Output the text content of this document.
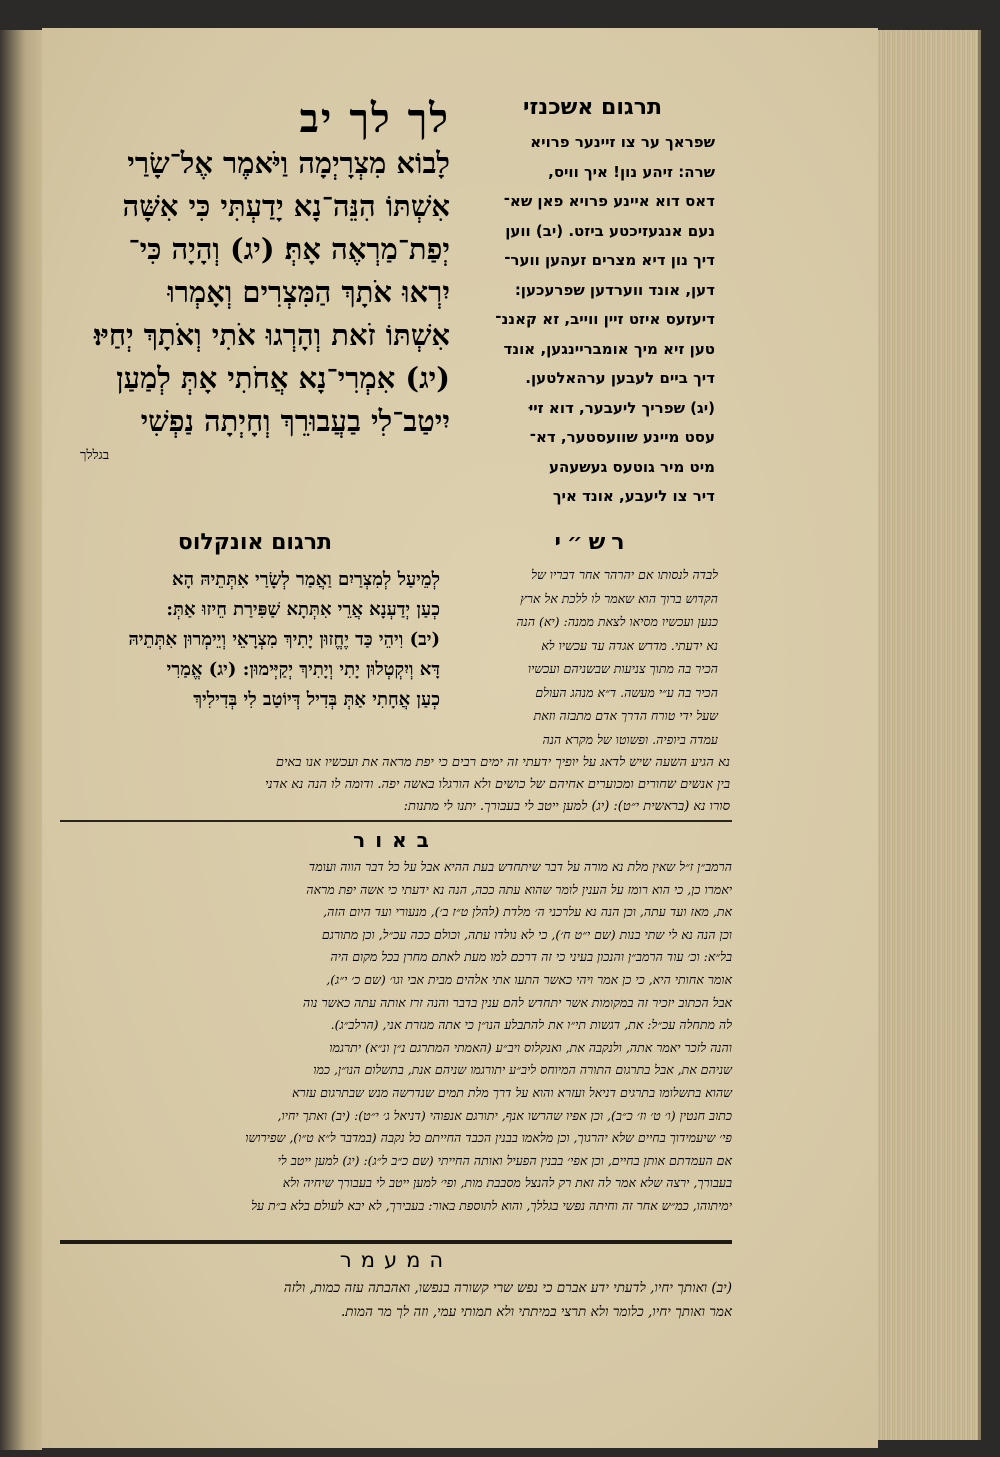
לך לך יב
לָבוֹא מִצְרָיְמָה וַיֹּאמֶר אֶל־שָׂרַי
אִשְׁתּוֹ הִנֵּה־נָא יָדַעְתִּי כִּי אִשָּׁה
יְפַת־מַרְאֶה אָתְּ׃ (יג) וְהָיָה כִּי־
יִרְאוּ אֹתָךְ הַמִּצְרִים וְאָמְרוּ
אִשְׁתּוֹ זֹאת וְהָרְגוּ אֹתִי וְאֹתָךְ יְחַיּוּ׃
(יג) אִמְרִי־נָא אֲחֹתִי אָתְּ לְמַעַן
יִיטַב־לִי בַעֲבוּרֵךְ וְחָיְתָה נַפְשִׁי
בגללך
תרגום אשכנזי
שפראך ער צו זיינער פרויא
שרה: זיהע נון! איך וויס,
דאס דוא איינע פרויא פאן שא־
נעם אנגעזיכטע ביזט. (יב) ווען
דיך נון דיא מצרים זעהען ווער־
דען, אונד ווערדען שפרעכען:
דיעזעס איזט זיין ווייב, זא קאננ־
טען זיא מיך אומבריינגען, אונד
דיך ביים לעבען ערהאלטען.
(יג) שפריך ליעבער, דוא זייּ
עסט מיינע שוועסטער, דא־
מיט מיר גוטעס געשעהע
דיר צו ליעבע, אונד איך
תרגום אונקלוס
לְמֵיעַל לְמִצְרַיִם וַאֲמַר לְשָׂרַי אִתְּתֵיהּ הָא
כְעַן יְדַעְנָא אֲרֵי אִתְּתָא שַׁפִּירַת חֵיזוּ אַתְּ:
(יב) וִיהֵי כַּד יֶחֱזוּן יָתִיךְ מִצְרָאֵי וְיֵימְרוּן אִתְּתֵיהּ
דָּא וְיִקְטְלוּן יָתִי וְיָתִיךְ יְקַיְּימוּן: (יג) אֱמַרִי
כְעַן אֲחָתִי אַתְּ בְּדִיל דְּיוֹטַב לִי בְּדִילִיךְ
רש״י
לבדה לנסותו אם יהרהר אחר דבריו של
הקדוש ברוך הוא שאמר לו ללכת אל ארץ
כנען ועכשיו מסיאו לצאת ממנה: (יא) הנה
נא ידעתי. מדרש אגדה עד עכשיו לא
הכיר בה מתוך צניעות שבשניהם ועכשיו
הכיר בה ע״י מעשה. ד״א מנהג העולם
שעל ידי טורח הדרך אדם מתבזה וזאת
עמדה ביופיה. ופשוטו של מקרא הנה
נא הגיע השעה שיש לדאג על יופיך ידעתי זה ימים רבים כי יפת מראה את ועכשיו אנו באים
בין אנשים שחורים ומכוערים אחיהם של כושים ולא הורגלו באשה יפה. ודומה לו הנה נא אדני
סורו נא (בראשית י״ט): (יג) למען ייטב לי בעבורך. יתנו לי מתנות:
באור
הרמב״ן ז״ל שאין מלת נא מורה על דבר שיתחדש בעת ההיא אבל על כל דבר הווה ועומד
יאמרו כן, כי הוא רומז על הענין לומר שהוא עתה ככה, הנה נא ידעתי כי אשה יפת מראה
את, מאז ועד עתה, וכן הנה נא עלרכני ה׳ מלדת (להלן ט״ז ב׳), מנעורי ועד היום הזה,
וכן הנה נא לי שתי בנות (שם י״ט ח׳), כי לא נולדו עתה, וכולם ככה עכ״ל, וכן מתורגם
בל״א: וכ׳ עוד הרמב״ן והנכון בעיני כי זה דרכם למו מעת לאתם מחרן בכל מקום היה
אומר אחותי היא, כי כן אמר ויהי כאשר התעו אתי אלהים מבית אבי וגו׳ (שם כ׳ י״ג),
אבל הכתוב יזכיר זה במקומות אשר יתחדש להם ענין בדבר והנה זרז אותה עתה כאשר נוה
לה מתחלה עכ״ל: את, דגשות תי״ו את להתבלע הנו״ן כי אתה מגזרת אני, (הרלב״ג).
והנה לזכר יאמר אתה, ולנקבה את, ואנקלוס ויב״ע (האמתי המתרגם נ״ן ונ״א) יתרגמו
שניהם את, אבל בתרגום התורה המיוחס ליב״ע יתורגמו שניהם אנת, בתשלום הנו״ן, כמו
שהוא בתשלומו בתרגים דניאל ועזרא והוא על דרך מלת תמים שנדרשה מנש שבתרגום עזרא
כתוב חנטין (ו׳ ט׳ וז׳ כ״ב), וכן אפיו שהרשו אנף, יתורגם אנפוהי (דניאל ג׳ י״ט): (יב) ואתך יחיו,
פי׳ שיעמידוך בחיים שלא יהרגוך, וכן מלאמו בבנין הכבד החייתם כל נקבה (במדבר ל״א ט״ו), שפירושו
אם העמדתם אותן בחיים, וכן אפי׳ בבנין הפעיל ואותה החייתי (שם כ״ב ל״ג): (יג) למען ייטב לי
בעבורך, ירצה שלא אמר לה זאת רק להנצל מסבבת מות, ופי׳ למען ייטב לי בעבורך שיחיה ולא
ימיתוהו, כמ״ש אחר זה וחיתה נפשי בגללך, והוא לתוספת באור: בעבירך, לא יבא לעולם בלא ב״ת על
המעמר
(יב) ואותך יחיו, לדעתי ידע אברם כי נפש שרי קשורה בנפשו, ואהבתה עזה כמות, ולזה
אמר ואותך יחיו, כלומר ולא תרצי במיתתי ולא תמותי עמי, וזה לך מר המות.
